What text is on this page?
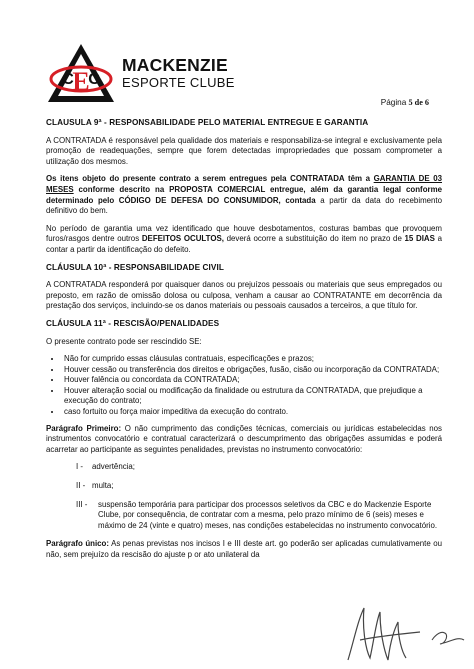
E
C C
MACKENZIE
ESPORTE CLUBE
Página 5 de 6
CLAUSULA 9ª - RESPONSABILIDADE PELO MATERIAL ENTREGUE E GARANTIA
A CONTRATADA é responsável pela qualidade dos materiais e responsabiliza-se integral e exclusivamente pela promoção de readequações, sempre que forem detectadas impropriedades que possam comprometer a utilização dos mesmos.
Os itens objeto do presente contrato a serem entregues pela CONTRATADA têm a GARANTIA DE 03 MESES conforme descrito na PROPOSTA COMERCIAL entregue, além da garantia legal conforme determinado pelo CÓDIGO DE DEFESA DO CONSUMIDOR, contada a partir da data do recebimento definitivo do bem.
No período de garantia uma vez identificado que houve desbotamentos, costuras bambas que provoquem furos/rasgos dentre outros DEFEITOS OCULTOS, deverá ocorre a substituição do item no prazo de 15 DIAS a contar a partir da identificação do defeito.
CLÁUSULA 10ª - RESPONSABILIDADE CIVIL
A CONTRATADA responderá por quaisquer danos ou prejuízos pessoais ou materiais que seus empregados ou preposto, em razão de omissão dolosa ou culposa, venham a causar ao CONTRATANTE em decorrência da prestação dos serviços, incluindo-se os danos materiais ou pessoais causados a terceiros, a que título for.
CLÁUSULA 11ª - RESCISÃO/PENALIDADES
O presente contrato pode ser rescindido SE:
• Não for cumprido essas cláusulas contratuais, especificações e prazos;
• Houver cessão ou transferência dos direitos e obrigações, fusão, cisão ou incorporação da CONTRATADA;
• Houver falência ou concordata da CONTRATADA;
• Houver alteração social ou modificação da finalidade ou estrutura da CONTRATADA, que prejudique a execução do contrato;
• caso fortuito ou força maior impeditiva da execução do contrato.
Parágrafo Primeiro: O não cumprimento das condições técnicas, comerciais ou jurídicas estabelecidas nos instrumentos convocatório e contratual caracterizará o descumprimento das obrigações assumidas e poderá acarretar ao participante as seguintes penalidades, previstas no instrumento convocatório:
I -	advertência;
II - multa;
III -	suspensão temporária para participar dos processos seletivos da CBC e do Mackenzie Esporte Clube, por consequência, de contratar com a mesma, pelo prazo mínimo de 6 (seis) meses e máximo de 24 (vinte e quatro) meses, nas condições estabelecidas no instrumento convocatório.
Parágrafo único: As penas previstas nos incisos I e III deste art. go poderão ser aplicadas cumulativamente ou não, sem prejuízo da rescisão do ajuste p or ato unilateral da
